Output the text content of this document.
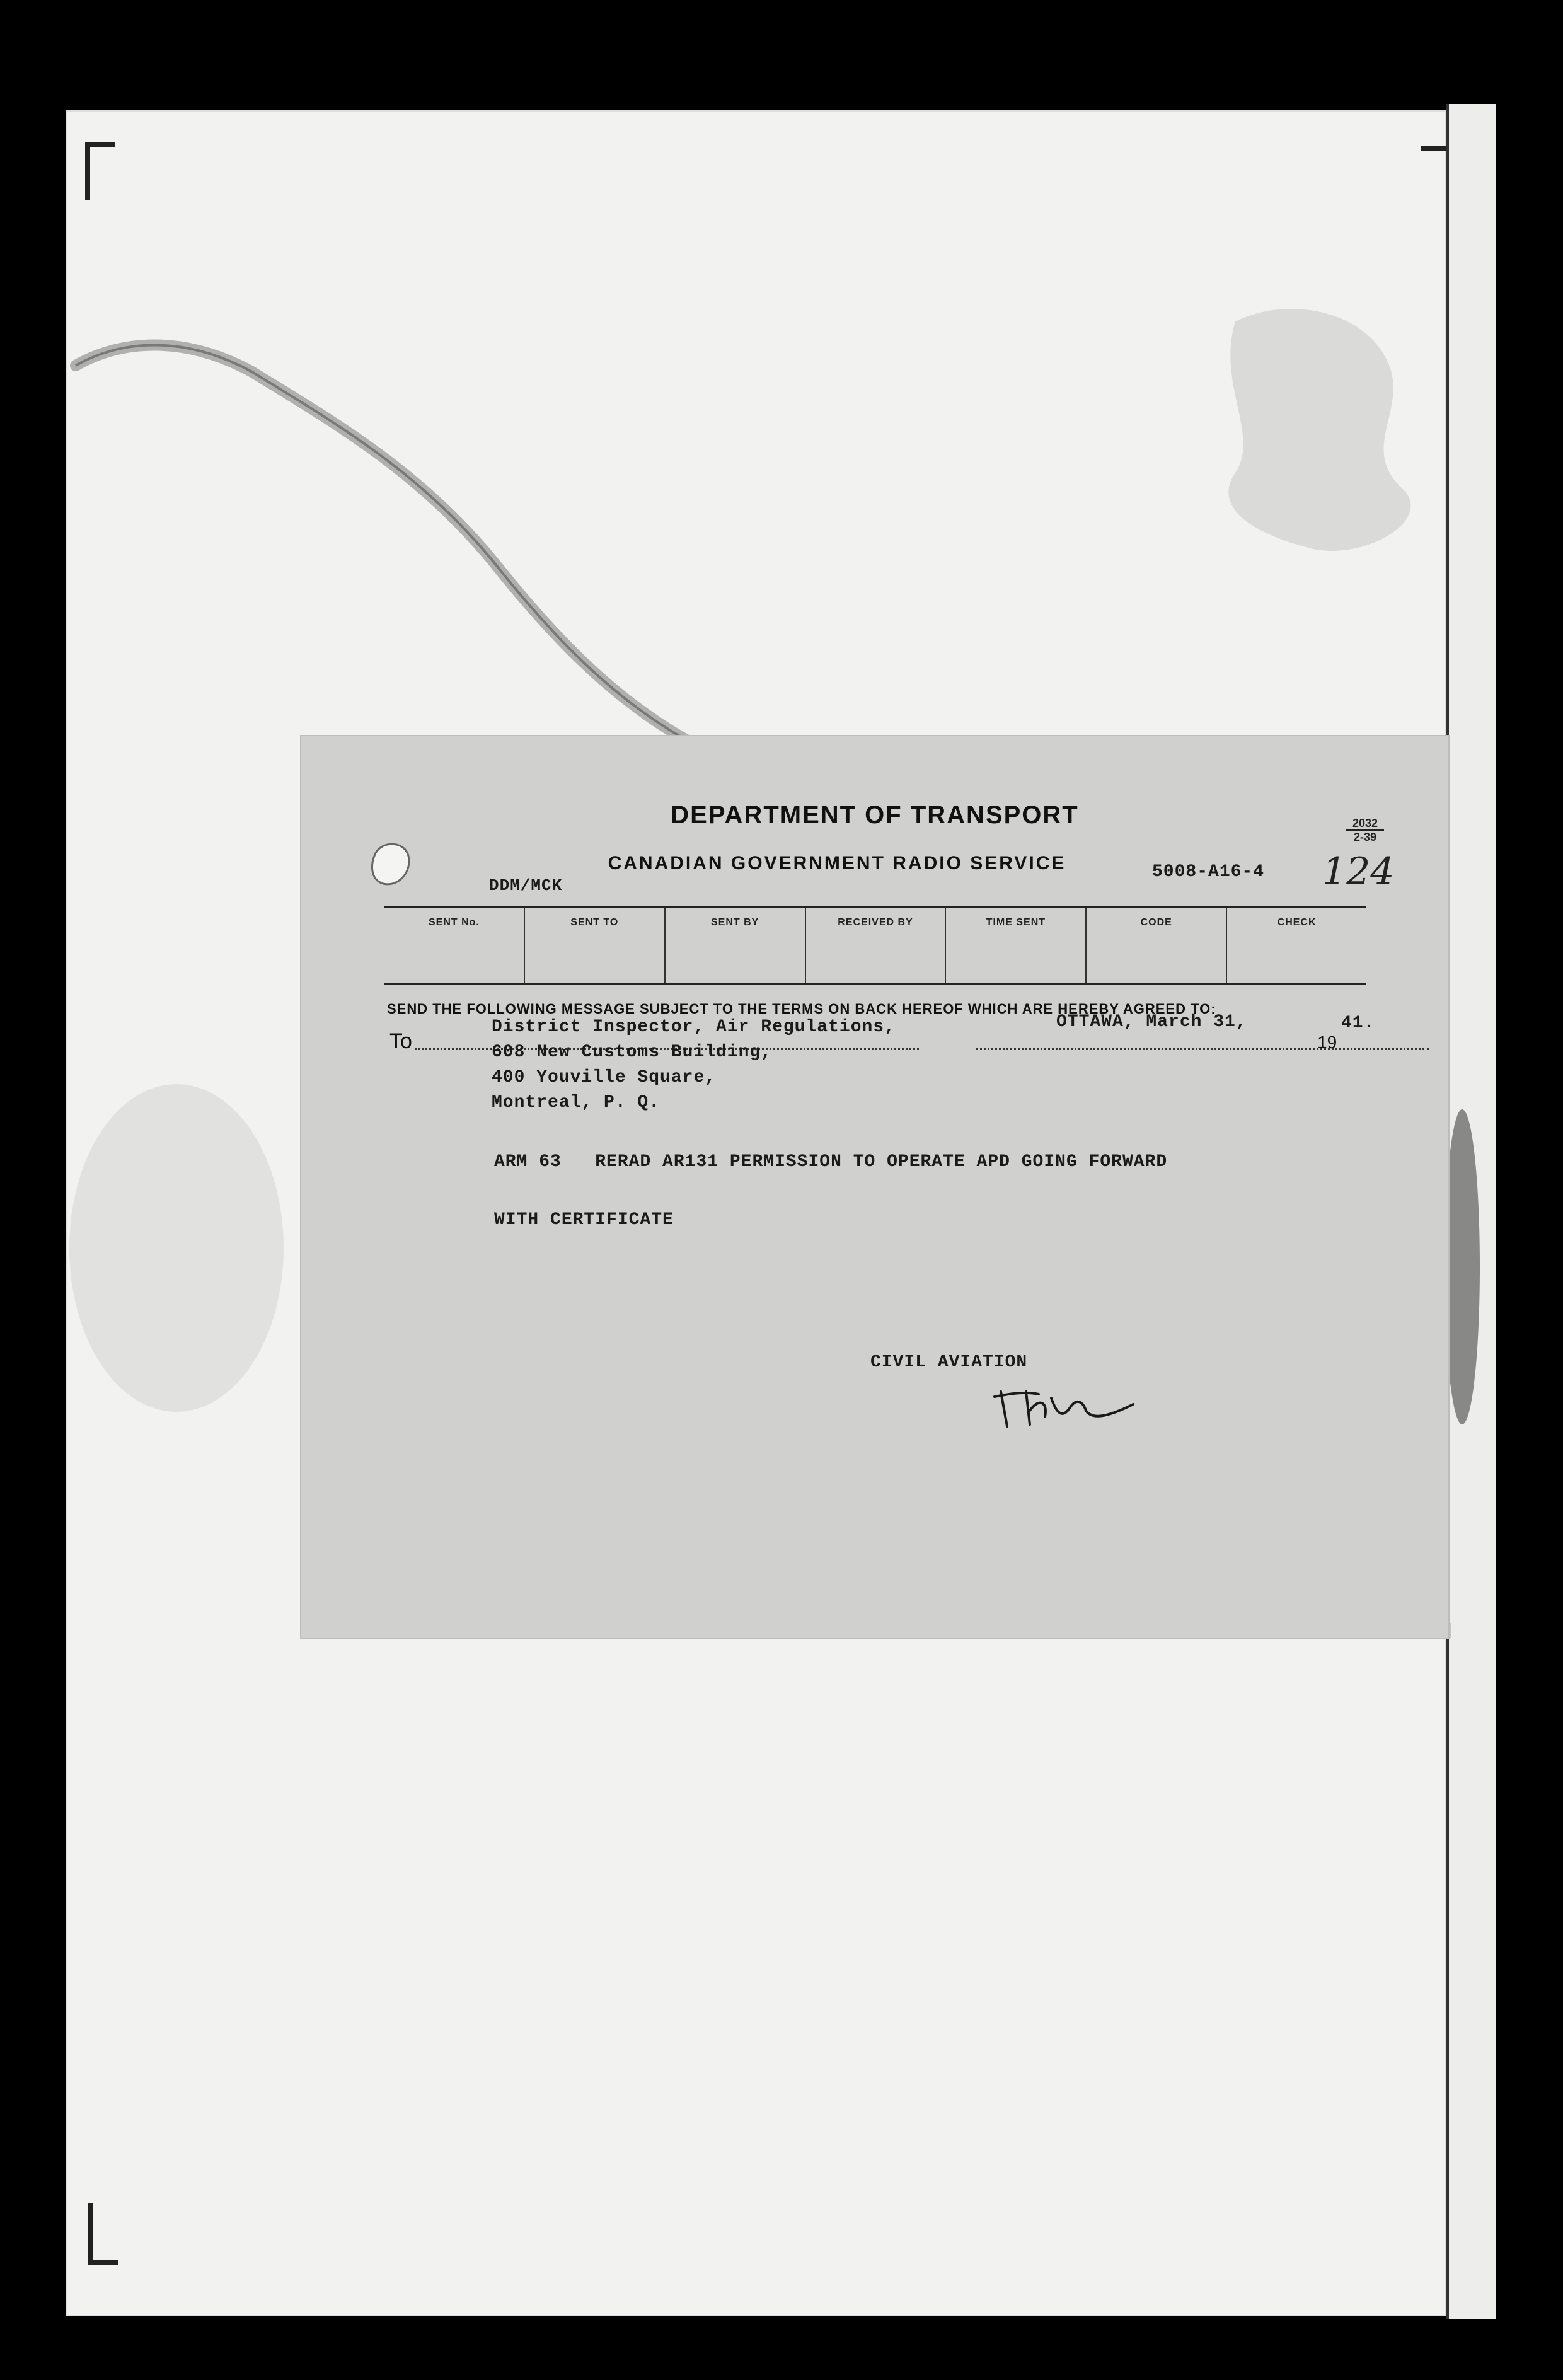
DEPARTMENT OF TRANSPORT
CANADIAN GOVERNMENT RADIO SERVICE
2032
2-39
5008-A16-4
DDM/MCK	124
SENT No.	SENT TO	SENT BY	RECEIVED BY	TIME SENT	CODE	CHECK
SEND THE FOLLOWING MESSAGE SUBJECT TO THE TERMS ON BACK HEREOF WHICH ARE HEREBY AGREED TO:
To
District Inspector, Air Regulations,
608 New Customs Building,
400 Youville Square,
Montreal, P. Q.
OTTAWA, March 31,
19
41.
ARM 63   RERAD AR131 PERMISSION TO OPERATE APD GOING FORWARD
WITH CERTIFICATE
CIVIL AVIATION
